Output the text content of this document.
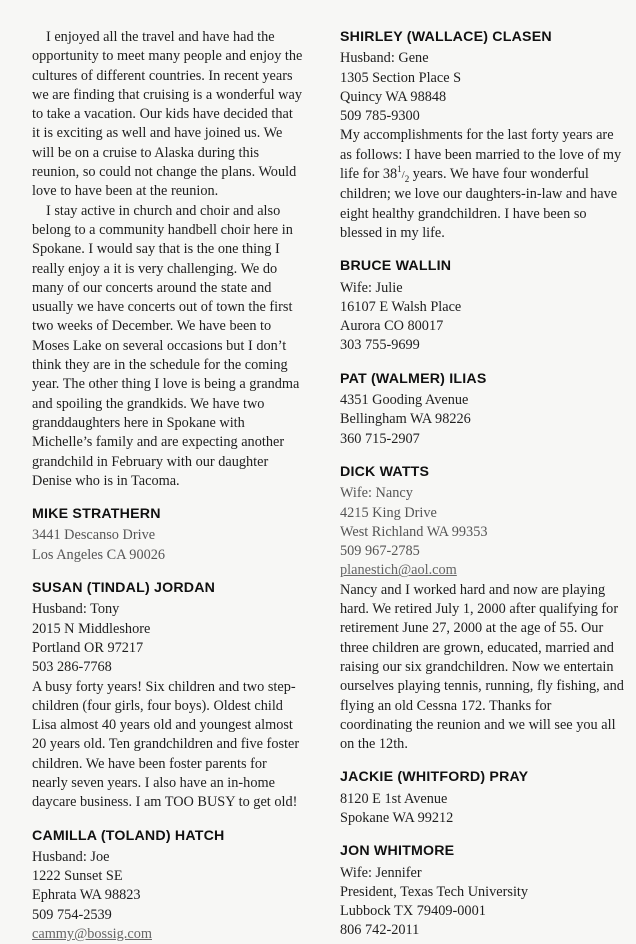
I enjoyed all the travel and have had the opportunity to meet many people and enjoy the cultures of different countries. In recent years we are finding that cruising is a wonderful way to take a vacation. Our kids have decided that it is exciting as well and have joined us. We will be on a cruise to Alaska during this reunion, so could not change the plans. Would love to have been at the reunion.

I stay active in church and choir and also belong to a community handbell choir here in Spokane. I would say that is the one thing I really enjoy a it is very challenging. We do many of our concerts around the state and usually we have concerts out of town the first two weeks of December. We have been to Moses Lake on several occasions but I don’t think they are in the schedule for the coming year. The other thing I love is being a grandma and spoiling the grandkids. We have two granddaughters here in Spokane with Michelle’s family and are expecting another grandchild in February with our daughter Denise who is in Tacoma.

MIKE STRATHERN

3441 Descanso Drive

Los Angeles CA 90026

SUSAN (TINDAL) JORDAN

Husband: Tony

2015 N Middleshore

Portland OR 97217

503 286-7768

A busy forty years! Six children and two step-children (four girls, four boys). Oldest child Lisa almost 40 years old and youngest almost 20 years old. Ten grandchildren and five foster children. We have been foster parents for nearly seven years. I also have an in-home daycare business. I am TOO BUSY to get old!

CAMILLA (TOLAND) HATCH

Husband: Joe

1222 Sunset SE

Ephrata WA 98823

509 754-2539

cammy@bossig.com

SHIRLEY (WALLACE) CLASEN

Husband: Gene

1305 Section Place S

Quincy WA 98848

509 785-9300

My accomplishments for the last forty years are as follows: I have been married to the love of my life for $38^1/_2$ years. We have four wonderful children; we love our daughters-in-law and have eight healthy grandchildren. I have been so blessed in my life.

BRUCE WALLIN

Wife: Julie

16107 E Walsh Place

Aurora CO 80017

303 755-9699

PAT (WALMER) ILIAS

4351 Gooding Avenue

Bellingham WA 98226

360 715-2907

DICK WATTS

Wife: Nancy

4215 King Drive

West Richland WA 99353

509 967-2785

planestich@aol.com

Nancy and I worked hard and now are playing hard. We retired July 1, 2000 after qualifying for retirement June 27, 2000 at the age of 55. Our three children are grown, educated, married and raising our six grandchildren. Now we entertain ourselves playing tennis, running, fly fishing, and flying an old Cessna 172. Thanks for coordinating the reunion and we will see you all on the 12th.

JACKIE (WHITFORD) PRAY

8120 E 1st Avenue

Spokane WA 99212

JON WHITMORE

Wife: Jennifer

President, Texas Tech University

Lubbock TX 79409-0001

806 742-2011
